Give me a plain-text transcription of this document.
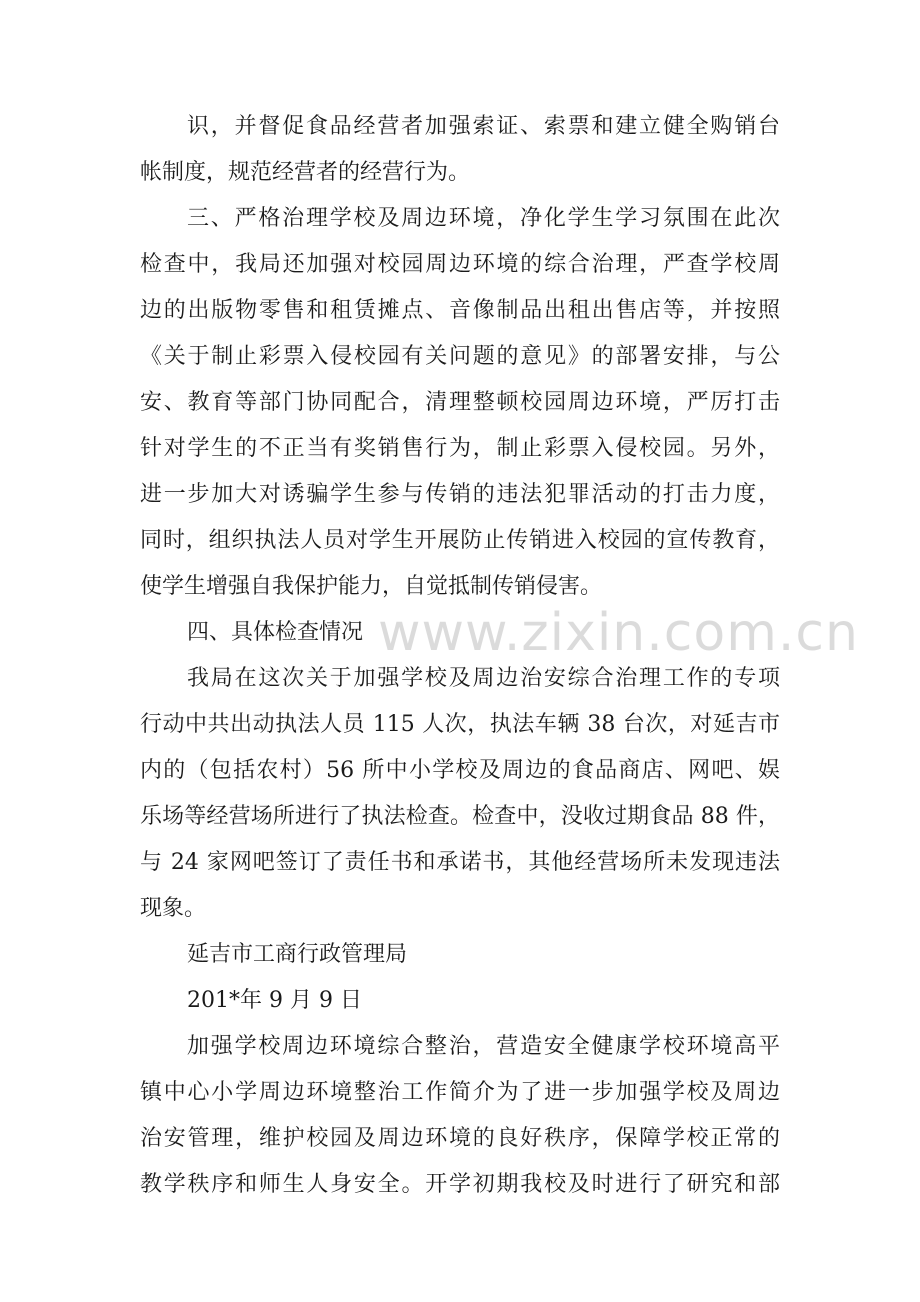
www.zixin.com.cn
识，并督促食品经营者加强索证、索票和建立健全购销台
帐制度，规范经营者的经营行为。
三、严格治理学校及周边环境，净化学生学习氛围在此次
检查中，我局还加强对校园周边环境的综合治理，严查学校周
边的出版物零售和租赁摊点、音像制品出租出售店等，并按照
《关于制止彩票入侵校园有关问题的意见》的部署安排，与公
安、教育等部门协同配合，清理整顿校园周边环境，严厉打击
针对学生的不正当有奖销售行为，制止彩票入侵校园。另外，
进一步加大对诱骗学生参与传销的违法犯罪活动的打击力度，
同时，组织执法人员对学生开展防止传销进入校园的宣传教育，
使学生增强自我保护能力，自觉抵制传销侵害。
四、具体检查情况
我局在这次关于加强学校及周边治安综合治理工作的专项
行动中共出动执法人员 115 人次，执法车辆 38 台次，对延吉市
内的（包括农村）56 所中小学校及周边的食品商店、网吧、娱
乐场等经营场所进行了执法检查。检查中，没收过期食品 88 件，
与 24 家网吧签订了责任书和承诺书，其他经营场所未发现违法
现象。
延吉市工商行政管理局
201*年 9 月 9 日
加强学校周边环境综合整治，营造安全健康学校环境高平
镇中心小学周边环境整治工作简介为了进一步加强学校及周边
治安管理，维护校园及周边环境的良好秩序，保障学校正常的
教学秩序和师生人身安全。开学初期我校及时进行了研究和部
